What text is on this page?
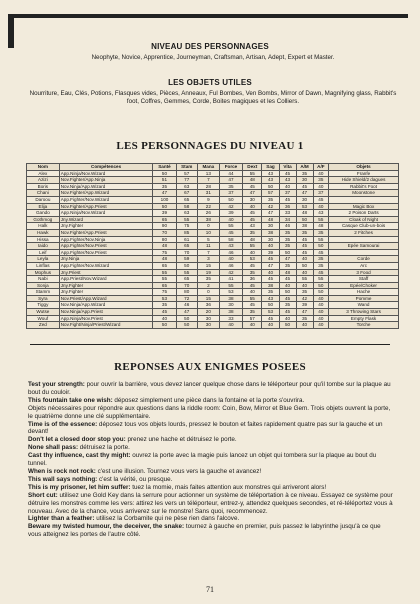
NIVEAU DES PERSONNAGES
Neophyte, Novice, Apprentice, Journeyman, Craftsman, Artisan, Adept, Expert et Master.
LES OBJETS UTILES
Nourriture, Eau, Clés, Potions, Flasques vides, Pièces, Anneaux, Ful Bombes, Ven Bombs, Mirror of Dawn, Magnifying glass, Rabbit's foot, Coffres, Gemmes, Corde, Boites magiques et les Colliers.
LES PERSONNAGES DU NIVEAU 1
Nom	Compétences	Santé	Stam	Mana	Force	Dext	Sag	Vita	A/M	A/F	Objets
Alex	App.Ninja/Nov.Wizard	50	57	13	44	55	43	45	35	40	Franfe
Azizi	Nov.Fighter/App.Ninja	51	77	7	47	48	43	43	30	35	Hide Shield/2 dagues
Boris	Nov.Ninja/App.Wizard	35	63	28	35	45	50	40	45	40	Rabbit's Foot
Chani	Nov.Fighter/App.Wizard	47	67	31	37	47	57	37	47	37	Moonstone
Daroou	App.Fighter/Nov.Wizard	100	65	9	50	30	35	45	30	45	
Elija	Nov.Fighter/App.Priest	50	58	22	42	40	42	36	53	40	Magic Box
Gando	App.Ninja/Nov.Wizard	39	63	26	39	45	47	33	48	43	2 Poison Darts
Gothmog	Jny.Wizard	65	55	38	40	45	48	34	50	55	Cloak of Night
Halk	Jny.Fighter	90	75	0	55	43	30	46	38	48	Casque Club-un-bois
Hawk	Nov.Fighter/App.Priest	70	85	10	45	35	38	35	35	35	2 Fitches
Hissa	App.Fighter/Nov.Ninja	80	61	5	58	48	30	35	45	55	
Iaido	App.Fighter/Nov.Priest	48	65	11	43	55	40	35	45	50	Epée Samourai
Leif	App.Fighter/Nov.Priest	75	70	7	46	40	39	50	45	45	
Leyla	Jny.Ninja	48	59	3	40	53	45	47	40	35	Corde
Linflas	App.Fighter/Nov.Wizard	65	50	15	46	45	47	35	50	35	Arc
Mophus	Jny.Priest	55	55	19	42	35	40	48	40	45	3 Food
Nabi	App.Priest/Nov.Wizard	55	65	35	41	36	45	45	55	55	Staff
Sonja	Jny.Fighter	65	70	2	55	45	38	40	40	50	Epée/Choker
Stamm	Jny.Fighter	75	80	0	53	40	35	50	35	50	Hache
Syra	Nov.Priest/App.Wizard	53	72	15	38	55	43	45	42	40	Pomme
Tiggy	Nov.Ninja/App.Wizard	35	46	36	30	45	50	35	39	40	Wand
Wutse	Nov.Ninja/App.Priest	45	47	20	38	35	53	45	47	40	3 Throwing Stars
Wouf	App.Ninja/Nov.Priest	40	50	30	33	57	45	40	35	40	Empty Flask
Zed	Nov.Fight/Ninja/Priest/Wizard	50	50	30	40	40	40	50	40	40	Torche
REPONSES AUX ENIGMES POSEES

Test your strength: pour ouvrir la barrière, vous devez lancer quelque chose dans le téléporteur pour qu'il tombe sur la plaque au bout du couloir.

This fountain take one wish: déposez simplement une pièce dans la fontaine et la porte s'ouvrira.

Objets nécessaires pour répondre aux questions dans la riddle room: Coin, Bow, Mirror et Blue Gem. Trois objets ouvrent la porte, le quatrième donne une clé supplémentaire.

Time is of the essence: déposez tous vos objets lourds, pressez le bouton et faites rapidement quatre pas sur la gauche et un devant!

Don't let a closed door stop you: prenez une hache et détruisez le porte.

None shall pass: détruisez la porte.

Cast thy influence, cast thy might: ouvrez la porte avec la magie puis lancez un objet qui tombera sur la plaque au bout du tunnel.

When is rock not rock: c'est une illusion. Tournez vous vers la gauche et avancez!

This wall says nothing: c'est la vérité, ou presque.

This is my prisoner, let him suffer: tuez la momie, mais faites attention aux monstres qui arriveront alors!

Short cut: utilisez une Gold Key dans la serrure pour actionner un système de téléportation à ce niveau. Essayez ce système pour détruire les monstres comme les vers: attirez les vers un téléporteur, entrez-y, attendez quelques secondes, et ré-téléportez vous à nouveau. Avec de la chance, vous arriverez sur le monstre! Sans quoi, recommencez.

Lighter than a feather: utilisez la Corbamite qui ne pèse rien dans l'alcove.

Beware my twisted humour, the deceiver, the snake: tournez à gauche en premier, puis passez le labyrinthe jusqu'à ce que vous atteignez les portes de l'autre côté.

71
